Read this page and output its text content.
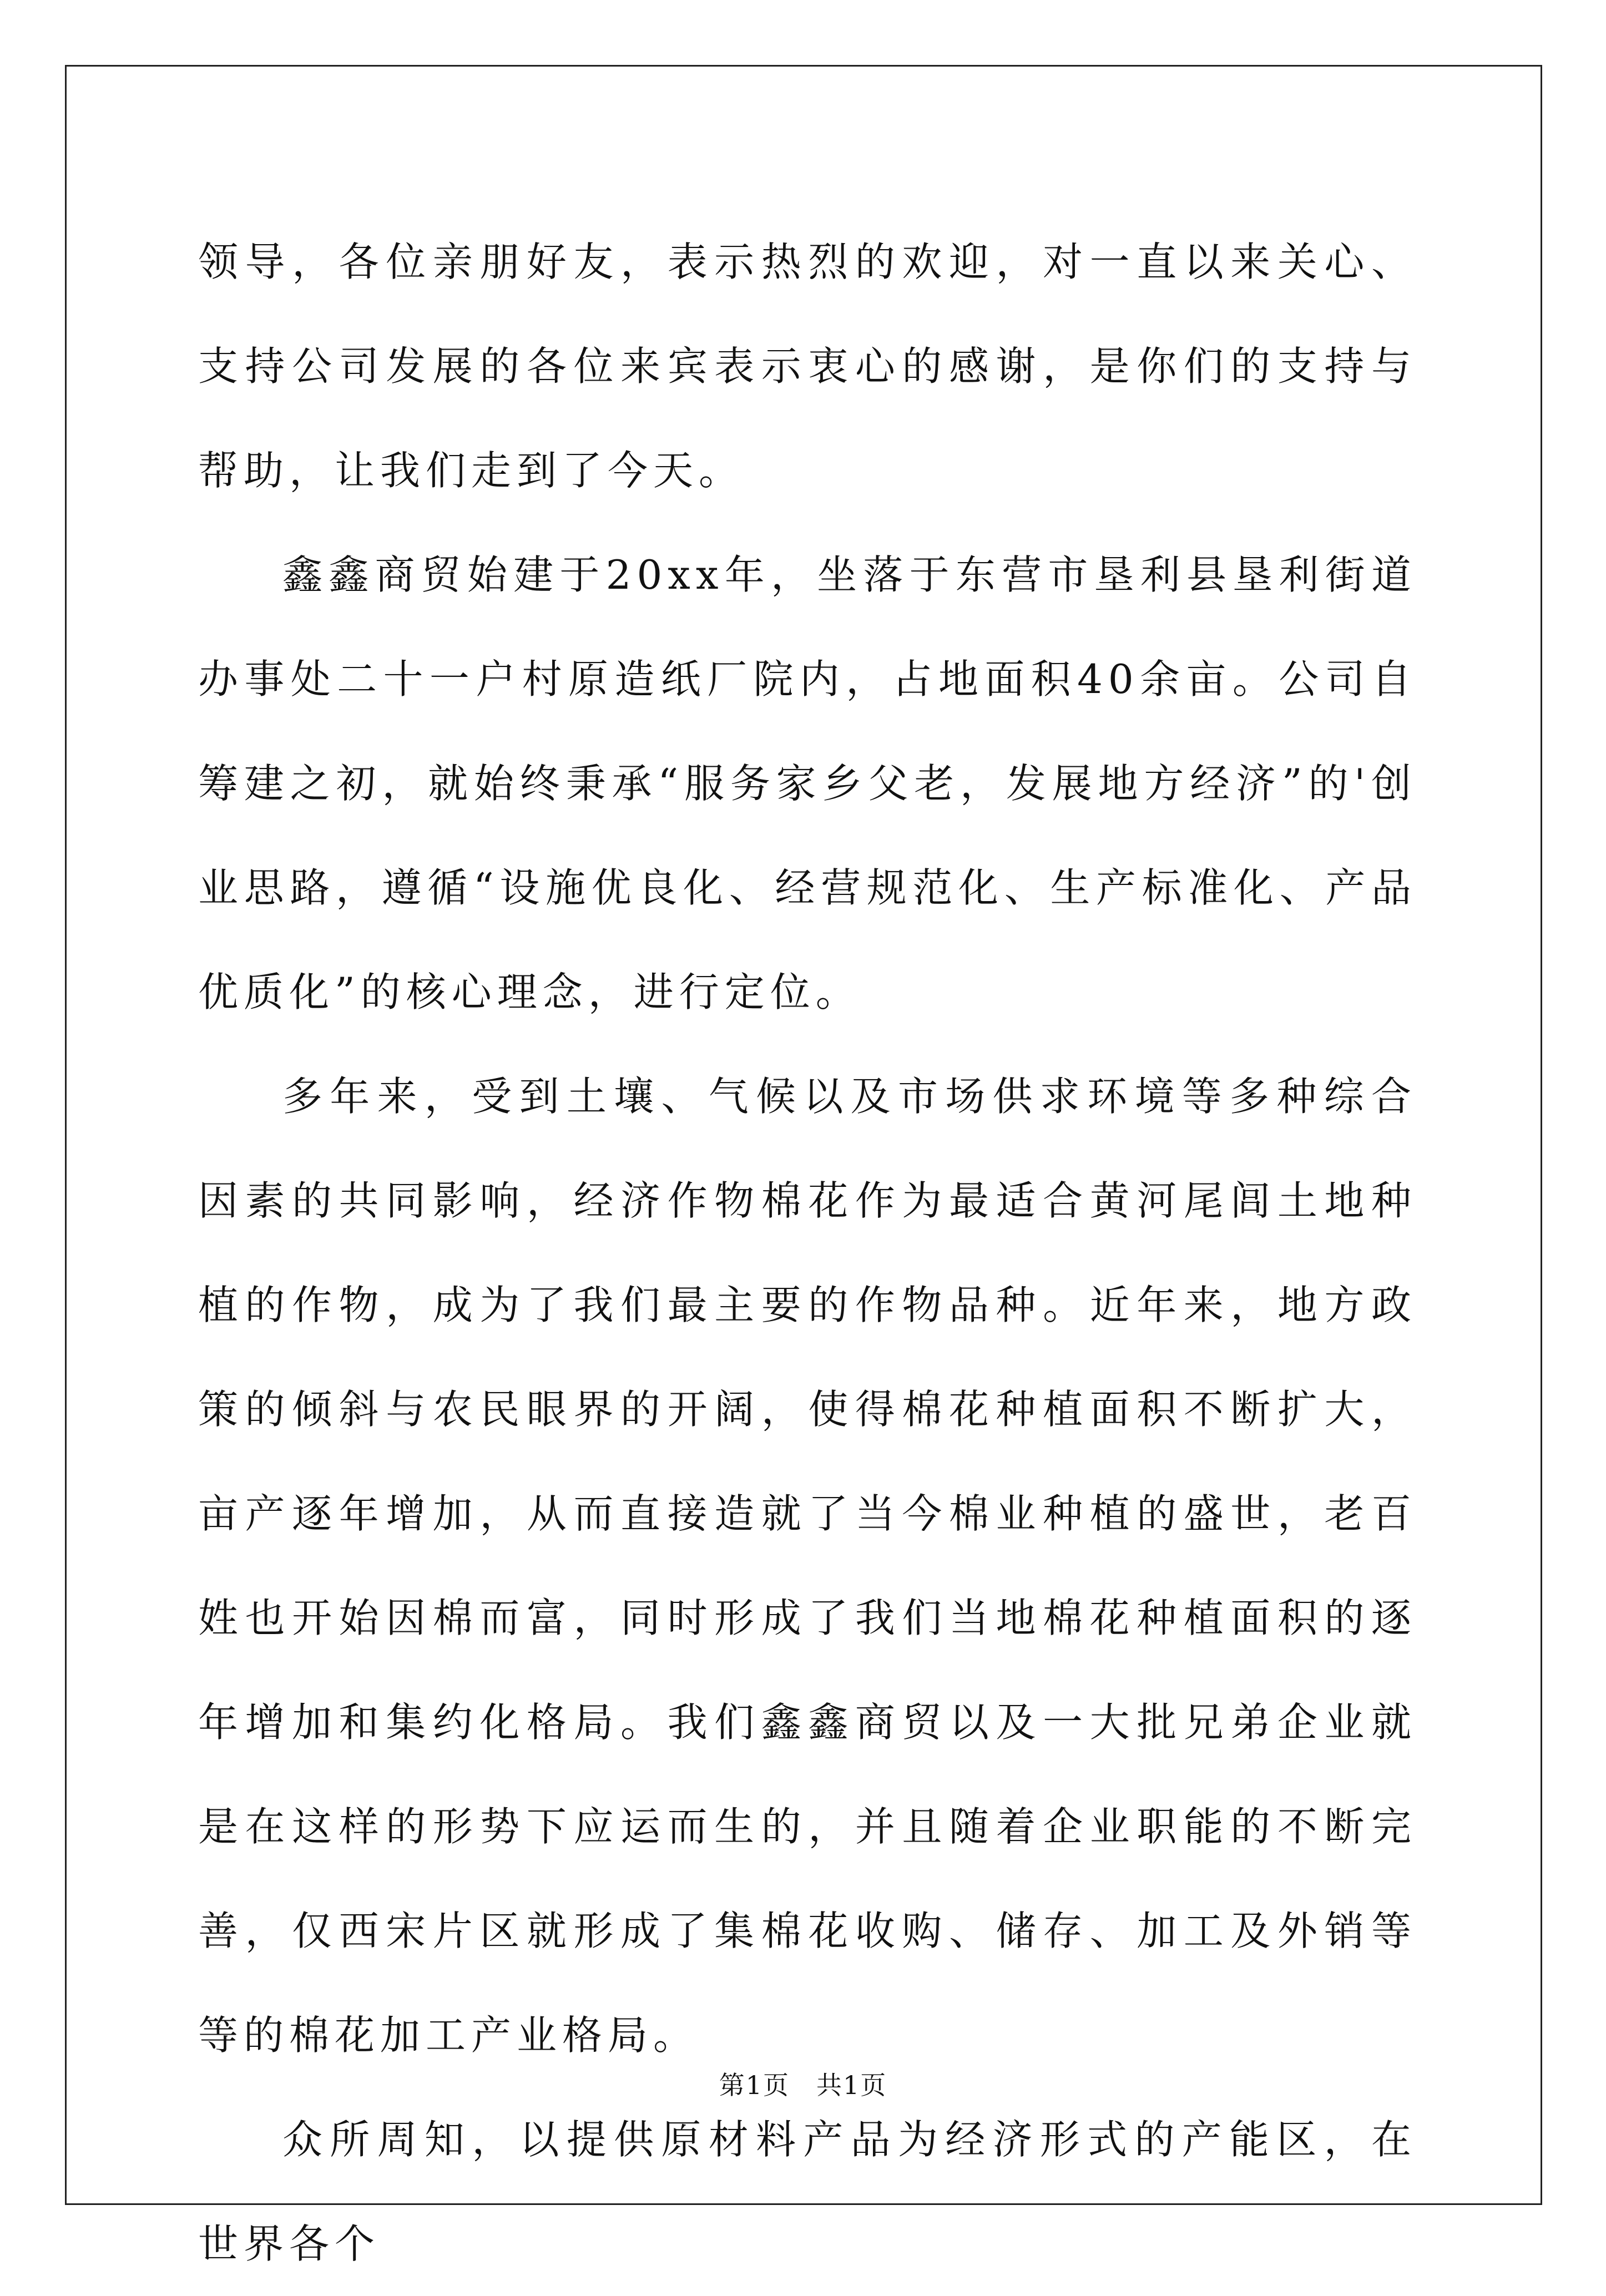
领导，各位亲朋好友，表示热烈的欢迎，对一直以来关心、支持公司发展的各位来宾表示衷心的感谢，是你们的支持与帮助，让我们走到了今天。

鑫鑫商贸始建于20xx年，坐落于东营市垦利县垦利街道办事处二十一户村原造纸厂院内，占地面积40余亩。公司自筹建之初，就始终秉承“服务家乡父老，发展地方经济”的'创业思路，遵循“设施优良化、经营规范化、生产标准化、产品优质化”的核心理念，进行定位。

多年来，受到土壤、气候以及市场供求环境等多种综合因素的共同影响，经济作物棉花作为最适合黄河尾闾土地种植的作物，成为了我们最主要的作物品种。近年来，地方政策的倾斜与农民眼界的开阔，使得棉花种植面积不断扩大，亩产逐年增加，从而直接造就了当今棉业种植的盛世，老百姓也开始因棉而富，同时形成了我们当地棉花种植面积的逐年增加和集约化格局。我们鑫鑫商贸以及一大批兄弟企业就是在这样的形势下应运而生的，并且随着企业职能的不断完善，仅西宋片区就形成了集棉花收购、储存、加工及外销等等的棉花加工产业格局。

众所周知，以提供原材料产品为经济形式的产能区，在世界各个

第1页　共1页
